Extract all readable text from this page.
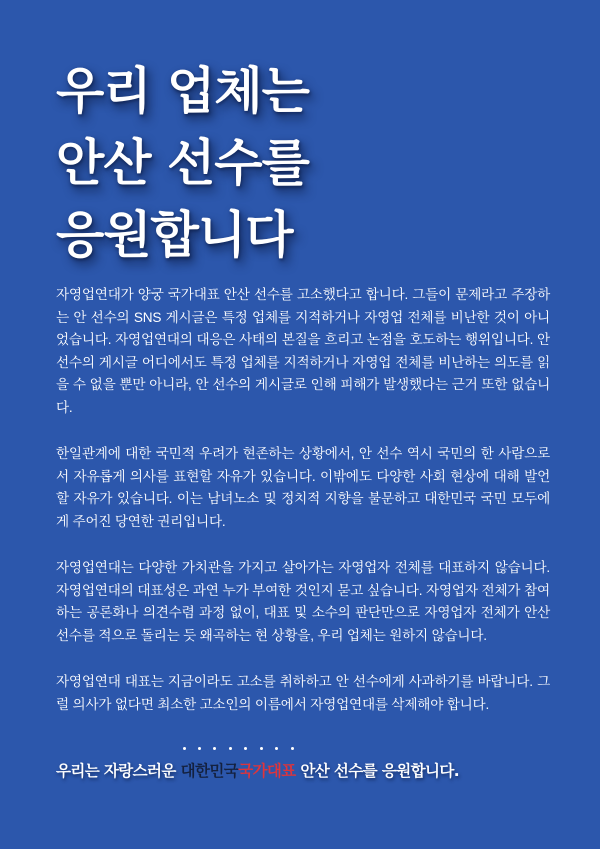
우리 업체는
안산 선수를
응원합니다

자영업연대가 양궁 국가대표 안산 선수를 고소했다고 합니다. 그들이 문제라고 주장하는 안 선수의 SNS 게시글은 특정 업체를 지적하거나 자영업 전체를 비난한 것이 아니었습니다. 자영업연대의 대응은 사태의 본질을 흐리고 논점을 호도하는 행위입니다. 안 선수의 게시글 어디에서도 특정 업체를 지적하거나 자영업 전체를 비난하는 의도를 읽을 수 없을 뿐만 아니라, 안 선수의 게시글로 인해 피해가 발생했다는 근거 또한 없습니다.

한일관계에 대한 국민적 우려가 현존하는 상황에서, 안 선수 역시 국민의 한 사람으로서 자유롭게 의사를 표현할 자유가 있습니다. 이밖에도 다양한 사회 현상에 대해 발언할 자유가 있습니다. 이는 남녀노소 및 정치적 지향을 불문하고 대한민국 국민 모두에게 주어진 당연한 권리입니다.

자영업연대는 다양한 가치관을 가지고 살아가는 자영업자 전체를 대표하지 않습니다. 자영업연대의 대표성은 과연 누가 부여한 것인지 묻고 싶습니다. 자영업자 전체가 참여하는 공론화나 의견수렴 과정 없이, 대표 및 소수의 판단만으로 자영업자 전체가 안산 선수를 적으로 돌리는 듯 왜곡하는 현 상황을, 우리 업체는 원하지 않습니다.

자영업연대 대표는 지금이라도 고소를 취하하고 안 선수에게 사과하기를 바랍니다. 그럴 의사가 없다면 최소한 고소인의 이름에서 자영업연대를 삭제해야 합니다.

우리는 자랑스러운
대한민국국가대표 안산 선수를 응원합니다.
